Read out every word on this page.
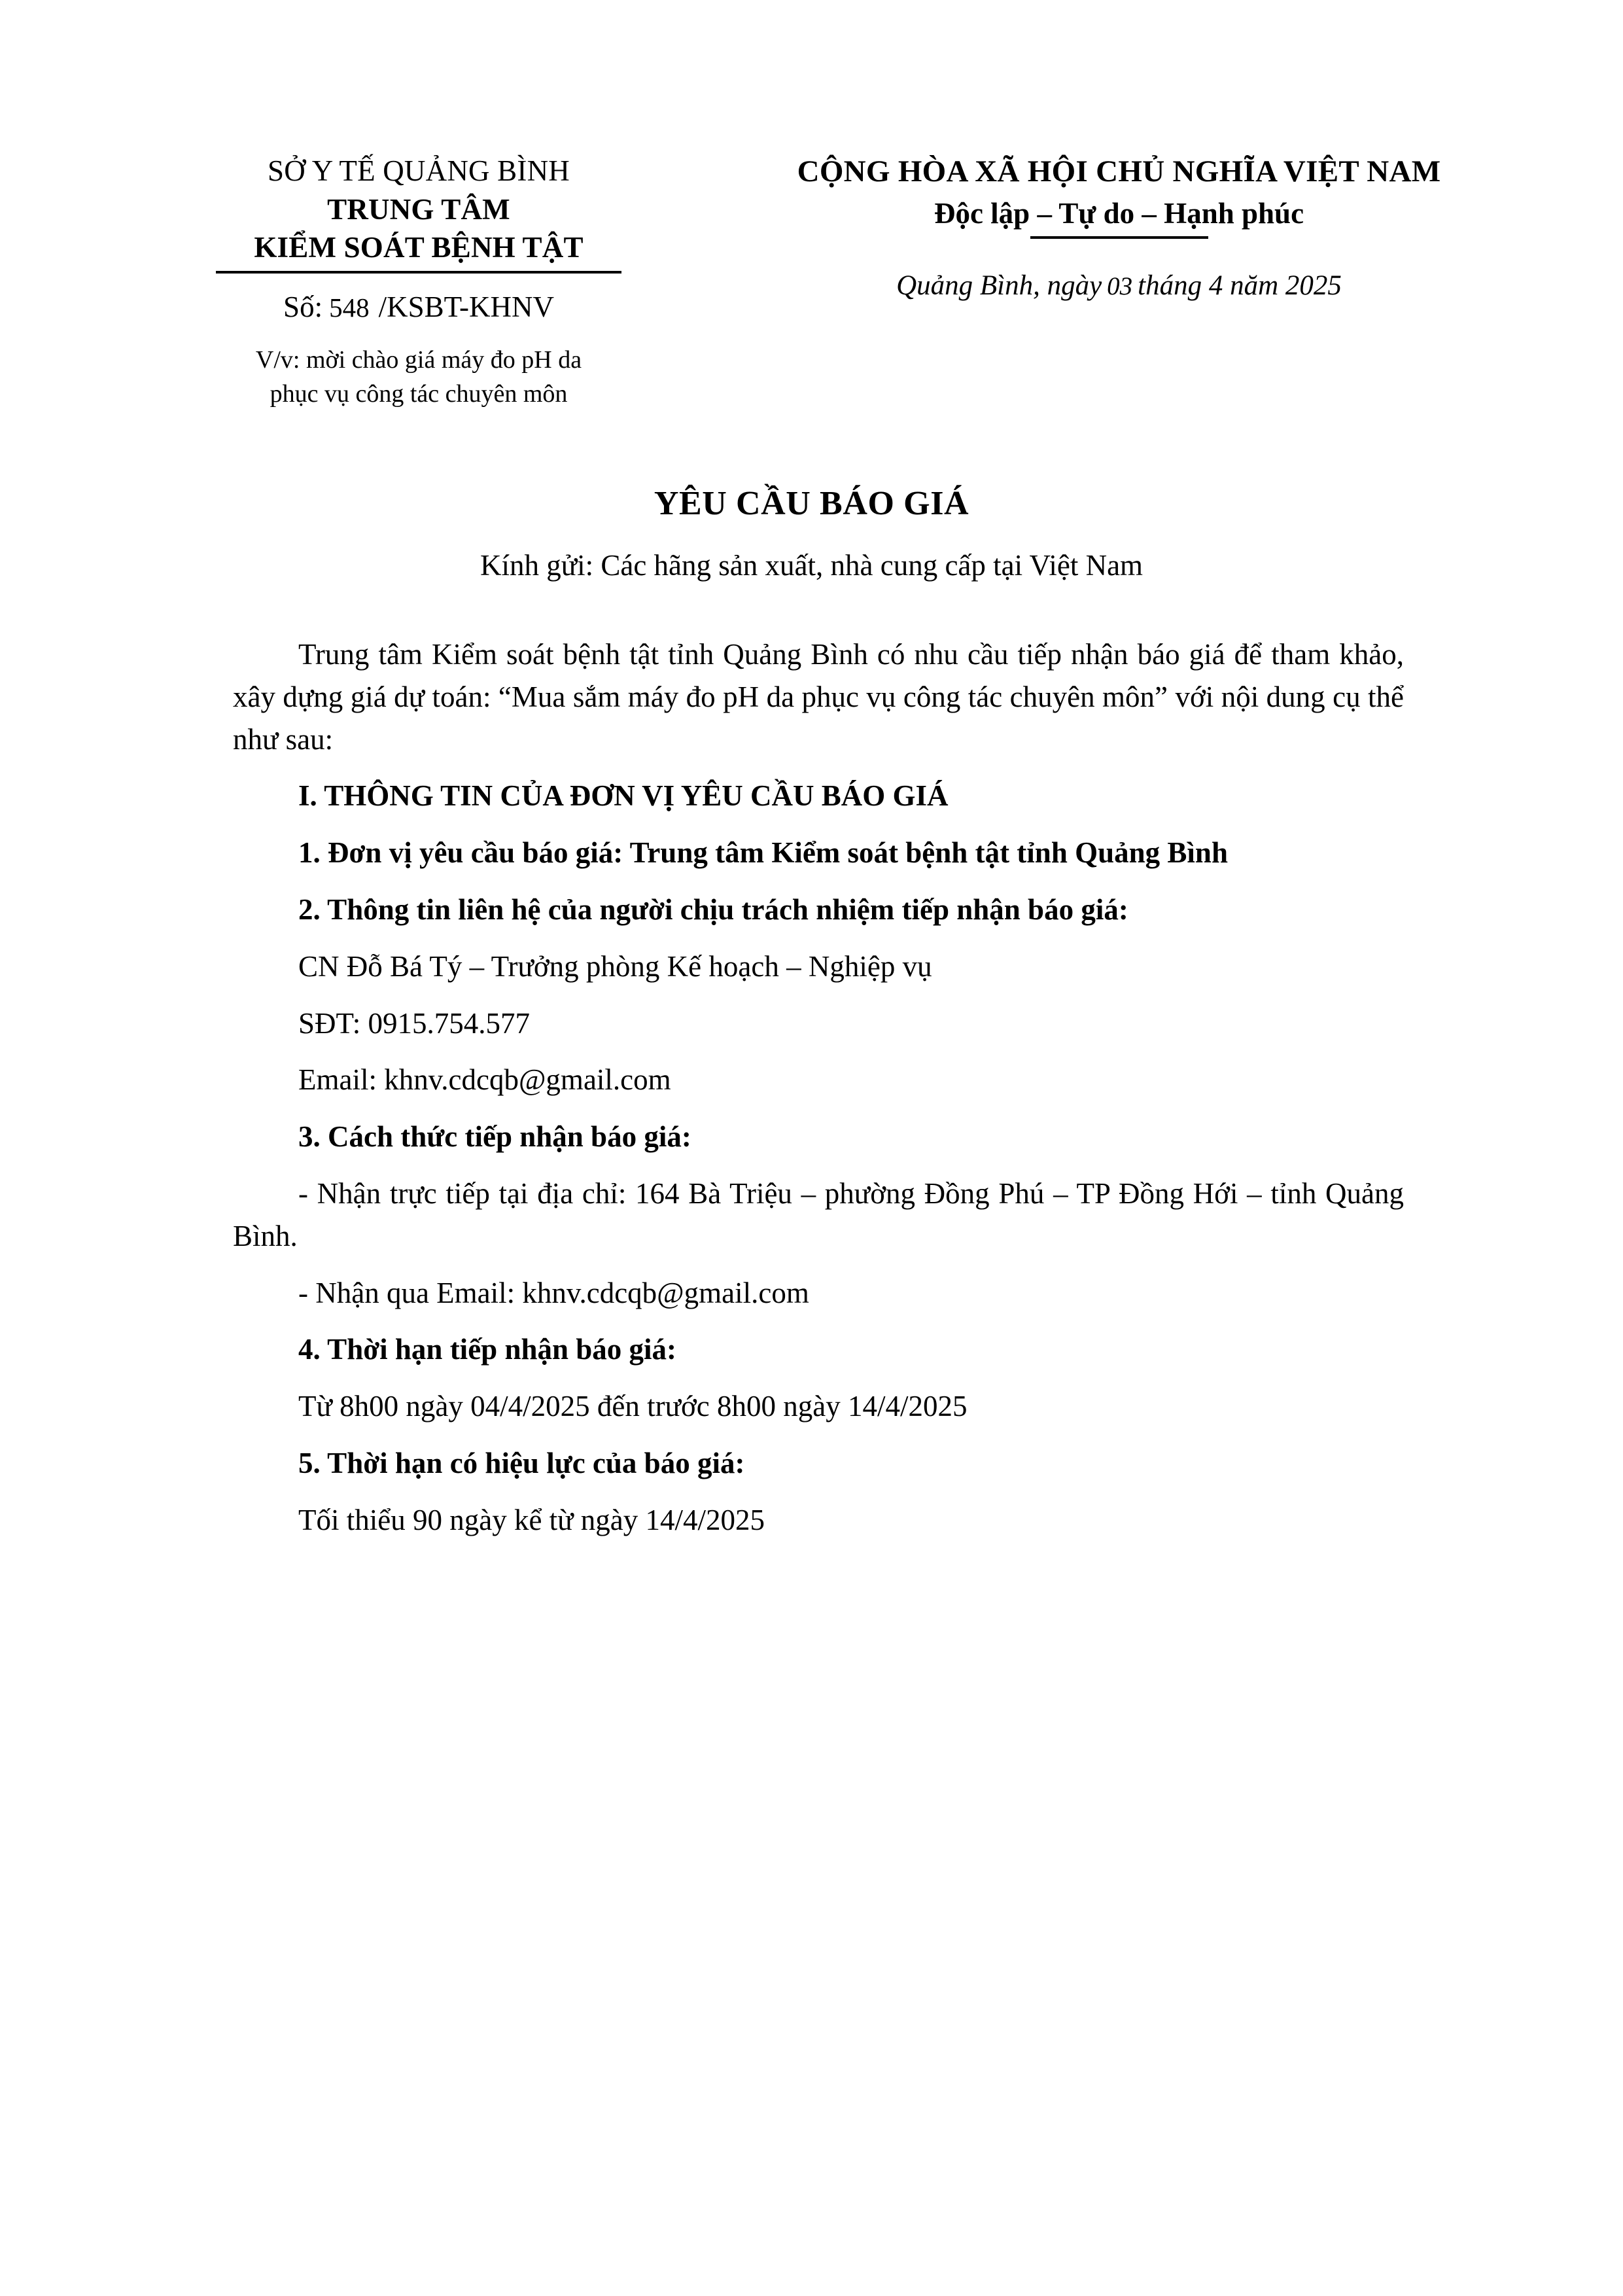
SỞ Y TẾ QUẢNG BÌNH
TRUNG TÂM
KIỂM SOÁT BỆNH TẬT
Số: 548 /KSBT-KHNV
V/v: mời chào giá máy đo pH da
phục vụ công tác chuyên môn
CỘNG HÒA XÃ HỘI CHỦ NGHĨA VIỆT NAM
Độc lập – Tự do – Hạnh phúc
Quảng Bình, ngày 03 tháng 4 năm 2025
YÊU CẦU BÁO GIÁ
Kính gửi: Các hãng sản xuất, nhà cung cấp tại Việt Nam

Trung tâm Kiểm soát bệnh tật tỉnh Quảng Bình có nhu cầu tiếp nhận báo giá để tham khảo, xây dựng giá dự toán: “Mua sắm máy đo pH da phục vụ công tác chuyên môn” với nội dung cụ thể như sau:

I. THÔNG TIN CỦA ĐƠN VỊ YÊU CẦU BÁO GIÁ

1. Đơn vị yêu cầu báo giá: Trung tâm Kiểm soát bệnh tật tỉnh Quảng Bình

2. Thông tin liên hệ của người chịu trách nhiệm tiếp nhận báo giá:

CN Đỗ Bá Tý – Trưởng phòng Kế hoạch – Nghiệp vụ

SĐT: 0915.754.577

Email: khnv.cdcqb@gmail.com

3. Cách thức tiếp nhận báo giá:

- Nhận trực tiếp tại địa chỉ: 164 Bà Triệu – phường Đồng Phú – TP Đồng Hới – tỉnh Quảng Bình.

- Nhận qua Email: khnv.cdcqb@gmail.com

4. Thời hạn tiếp nhận báo giá:

Từ 8h00 ngày 04/4/2025 đến trước 8h00 ngày 14/4/2025

5. Thời hạn có hiệu lực của báo giá:

Tối thiểu 90 ngày kể từ ngày 14/4/2025
